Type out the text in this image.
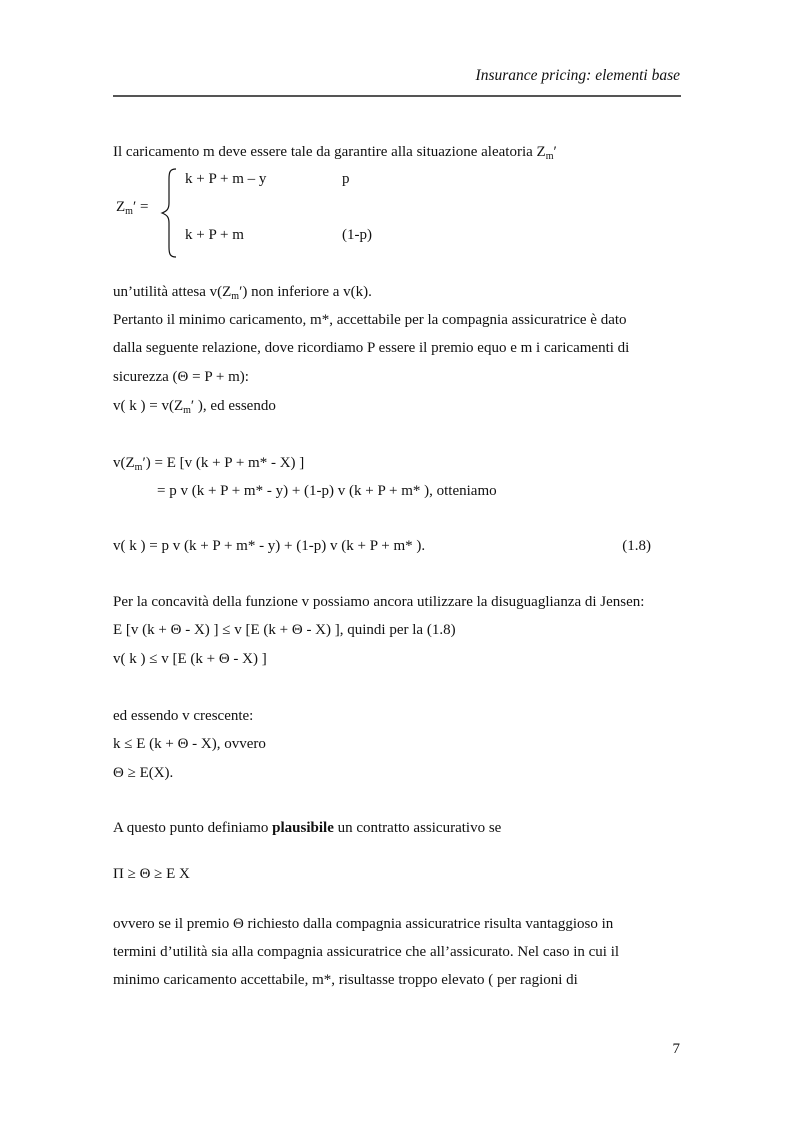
Insurance pricing: elementi base
Il caricamento m deve essere tale da garantire alla situazione aleatoria $Z_m'$
$Z_m'$ =
k + P + m – y	p
k + P + m	(1-p)
un’utilità attesa $v(Z_m')$ non inferiore a v(k).
Pertanto il minimo caricamento, m*, accettabile per la compagnia assicuratrice è dato
dalla seguente relazione, dove ricordiamo P essere il premio equo e m i caricamenti di
sicurezza (Θ = P + m):
v( k ) = $v(Z_m'$ ), ed essendo
$v(Z_m') = E$ [v (k + P + m* - X) ]
= p v (k + P + m* - y) + (1-p) v (k + P + m* ), otteniamo
v( k ) = p v (k + P + m* - y) + (1-p) v (k + P + m* ).	(1.8)
Per la concavità della funzione v possiamo ancora utilizzare la disuguaglianza di Jensen:
E [v (k + Θ - X) ] ≤ v [E (k + Θ - X) ], quindi per la (1.8)
v( k ) ≤ v [E (k + Θ - X) ]
ed essendo v crescente:
k ≤ E (k + Θ - X), ovvero
Θ ≥ E(X).
A questo punto definiamo plausibile un contratto assicurativo se
Π ≥ Θ ≥ E X
ovvero se il premio Θ richiesto dalla compagnia assicuratrice risulta vantaggioso in
termini d’utilità sia alla compagnia assicuratrice che all’assicurato. Nel caso in cui il
minimo caricamento accettabile, m*, risultasse troppo elevato ( per ragioni di
7
